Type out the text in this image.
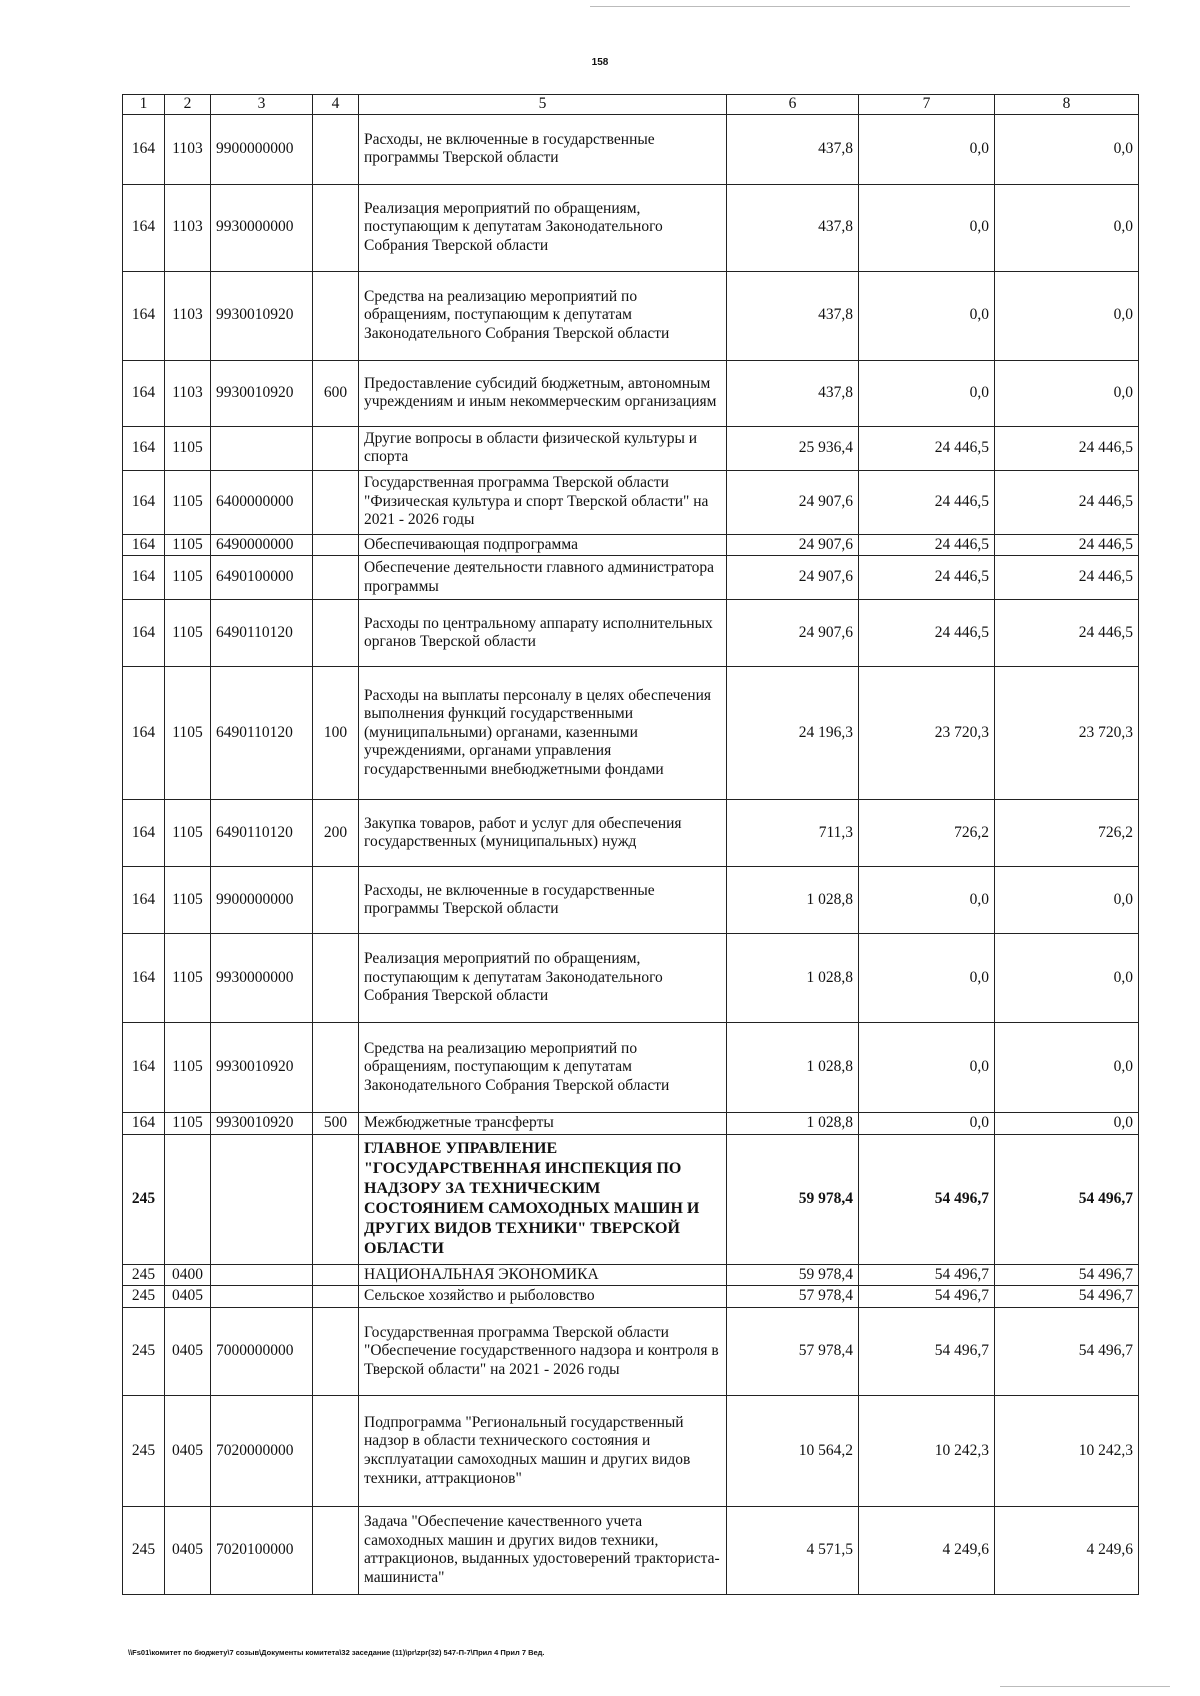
158
1	2	3	4	5	6	7	8
164	1103	9900000000		Расходы, не включенные в государственные программы Тверской области	437,8	0,0	0,0
164	1103	9930000000		Реализация мероприятий по обращениям, поступающим к депутатам Законодательного Собрания Тверской области	437,8	0,0	0,0
164	1103	9930010920		Средства на реализацию мероприятий по обращениям, поступающим к депутатам Законодательного Собрания Тверской области	437,8	0,0	0,0
164	1103	9930010920	600	Предоставление субсидий бюджетным, автономным учреждениям и иным некоммерческим организациям	437,8	0,0	0,0
164	1105			Другие вопросы в области физической культуры и спорта	25 936,4	24 446,5	24 446,5
164	1105	6400000000		Государственная программа Тверской области "Физическая культура и спорт Тверской области" на 2021 - 2026 годы	24 907,6	24 446,5	24 446,5
164	1105	6490000000		Обеспечивающая подпрограмма	24 907,6	24 446,5	24 446,5
164	1105	6490100000		Обеспечение деятельности главного администратора программы	24 907,6	24 446,5	24 446,5
164	1105	6490110120		Расходы по центральному аппарату исполнительных органов Тверской области	24 907,6	24 446,5	24 446,5
164	1105	6490110120	100	Расходы на выплаты персоналу в целях обеспечения выполнения функций государственными (муниципальными) органами, казенными учреждениями, органами управления государственными внебюджетными фондами	24 196,3	23 720,3	23 720,3
164	1105	6490110120	200	Закупка товаров, работ и услуг для обеспечения государственных (муниципальных) нужд	711,3	726,2	726,2
164	1105	9900000000		Расходы, не включенные в государственные программы Тверской области	1 028,8	0,0	0,0
164	1105	9930000000		Реализация мероприятий по обращениям, поступающим к депутатам Законодательного Собрания Тверской области	1 028,8	0,0	0,0
164	1105	9930010920		Средства на реализацию мероприятий по обращениям, поступающим к депутатам Законодательного Собрания Тверской области	1 028,8	0,0	0,0
164	1105	9930010920	500	Межбюджетные трансферты	1 028,8	0,0	0,0
245				ГЛАВНОЕ УПРАВЛЕНИЕ "ГОСУДАРСТВЕННАЯ ИНСПЕКЦИЯ ПО НАДЗОРУ ЗА ТЕХНИЧЕСКИМ СОСТОЯНИЕМ САМОХОДНЫХ МАШИН И ДРУГИХ ВИДОВ ТЕХНИКИ" ТВЕРСКОЙ ОБЛАСТИ	59 978,4	54 496,7	54 496,7
245	0400			НАЦИОНАЛЬНАЯ ЭКОНОМИКА	59 978,4	54 496,7	54 496,7
245	0405			Сельское хозяйство и рыболовство	57 978,4	54 496,7	54 496,7
245	0405	7000000000		Государственная программа Тверской области "Обеспечение государственного надзора и контроля в Тверской области" на 2021 - 2026 годы	57 978,4	54 496,7	54 496,7
245	0405	7020000000		Подпрограмма "Региональный государственный надзор в области технического состояния и эксплуатации самоходных машин и других видов техники, аттракционов"	10 564,2	10 242,3	10 242,3
245	0405	7020100000		Задача "Обеспечение качественного учета самоходных машин и других видов техники, аттракционов, выданных удостоверений тракториста-машиниста"	4 571,5	4 249,6	4 249,6
\\Fs01\комитет по бюджету\7 созыв\Документы комитета\32 заседание (11)\pr\zpr(32) 547-П-7\Прил 4 Прил 7 Вед.
